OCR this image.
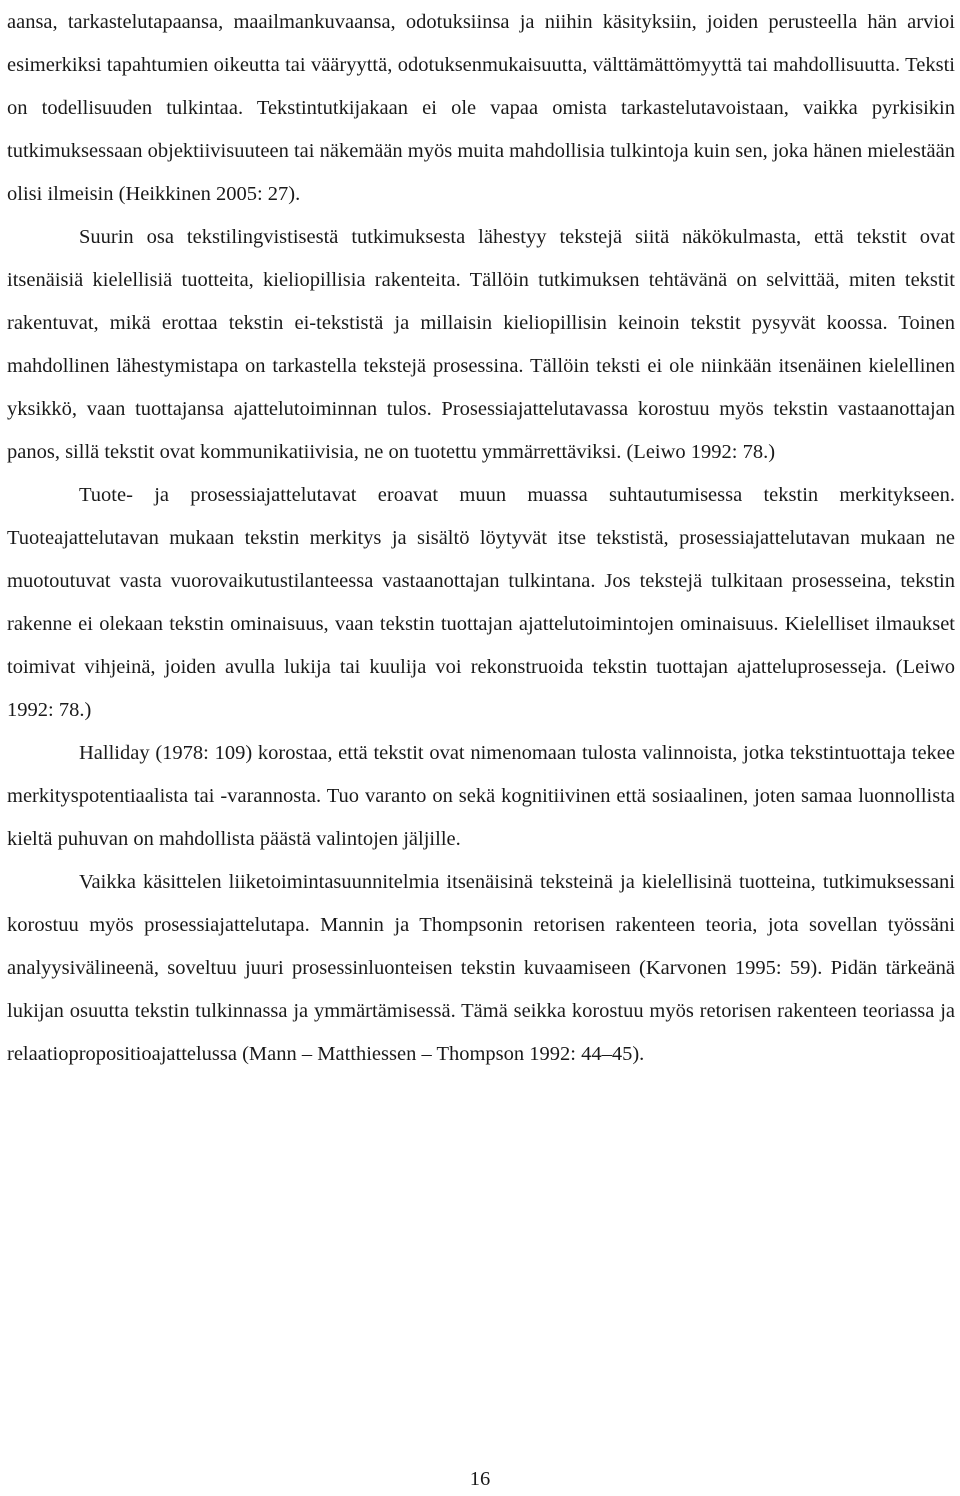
aansa, tarkastelutapaansa, maailmankuvaansa, odotuksiinsa ja niihin käsityksiin, joiden perusteella hän arvioi esimerkiksi tapahtumien oikeutta tai vääryyttä, odotuksenmukaisuutta, välttämättömyyttä tai mahdollisuutta. Teksti on todellisuuden tulkintaa. Tekstintutkijakaan ei ole vapaa omista tarkastelutavoistaan, vaikka pyrkisikin tutkimuksessaan objektiivisuuteen tai näkemään myös muita mahdollisia tulkintoja kuin sen, joka hänen mielestään olisi ilmeisin (Heikkinen 2005: 27).

Suurin osa tekstilingvistisestä tutkimuksesta lähestyy tekstejä siitä näkökulmasta, että tekstit ovat itsenäisiä kielellisiä tuotteita, kieliopillisia rakenteita. Tällöin tutkimuksen tehtävänä on selvittää, miten tekstit rakentuvat, mikä erottaa tekstin ei-tekstistä ja millaisin kieliopillisin keinoin tekstit pysyvät koossa. Toinen mahdollinen lähestymistapa on tarkastella tekstejä prosessina. Tällöin teksti ei ole niinkään itsenäinen kielellinen yksikkö, vaan tuottajansa ajattelutoiminnan tulos. Prosessiajattelutavassa korostuu myös tekstin vastaanottajan panos, sillä tekstit ovat kommunikatiivisia, ne on tuotettu ymmärrettäviksi. (Leiwo 1992: 78.)

Tuote- ja prosessiajattelutavat eroavat muun muassa suhtautumisessa tekstin merkitykseen. Tuoteajattelutavan mukaan tekstin merkitys ja sisältö löytyvät itse tekstistä, prosessiajattelutavan mukaan ne muotoutuvat vasta vuorovaikutustilanteessa vastaanottajan tulkintana. Jos tekstejä tulkitaan prosesseina, tekstin rakenne ei olekaan tekstin ominaisuus, vaan tekstin tuottajan ajattelutoimintojen ominaisuus. Kielelliset ilmaukset toimivat vihjeinä, joiden avulla lukija tai kuulija voi rekonstruoida tekstin tuottajan ajatteluprosesseja. (Leiwo 1992: 78.)

Halliday (1978: 109) korostaa, että tekstit ovat nimenomaan tulosta valinnoista, jotka tekstintuottaja tekee merkityspotentiaalista tai -varannosta. Tuo varanto on sekä kognitiivinen että sosiaalinen, joten samaa luonnollista kieltä puhuvan on mahdollista päästä valintojen jäljille.

Vaikka käsittelen liiketoimintasuunnitelmia itsenäisinä teksteinä ja kielellisinä tuotteina, tutkimuksessani korostuu myös prosessiajattelutapa. Mannin ja Thompsonin retorisen rakenteen teoria, jota sovellan työssäni analyysivälineenä, soveltuu juuri prosessinluonteisen tekstin kuvaamiseen (Karvonen 1995: 59). Pidän tärkeänä lukijan osuutta tekstin tulkinnassa ja ymmärtämisessä. Tämä seikka korostuu myös retorisen rakenteen teoriassa ja relaatiopropositioajattelussa (Mann – Matthiessen – Thompson 1992: 44–45).

16
